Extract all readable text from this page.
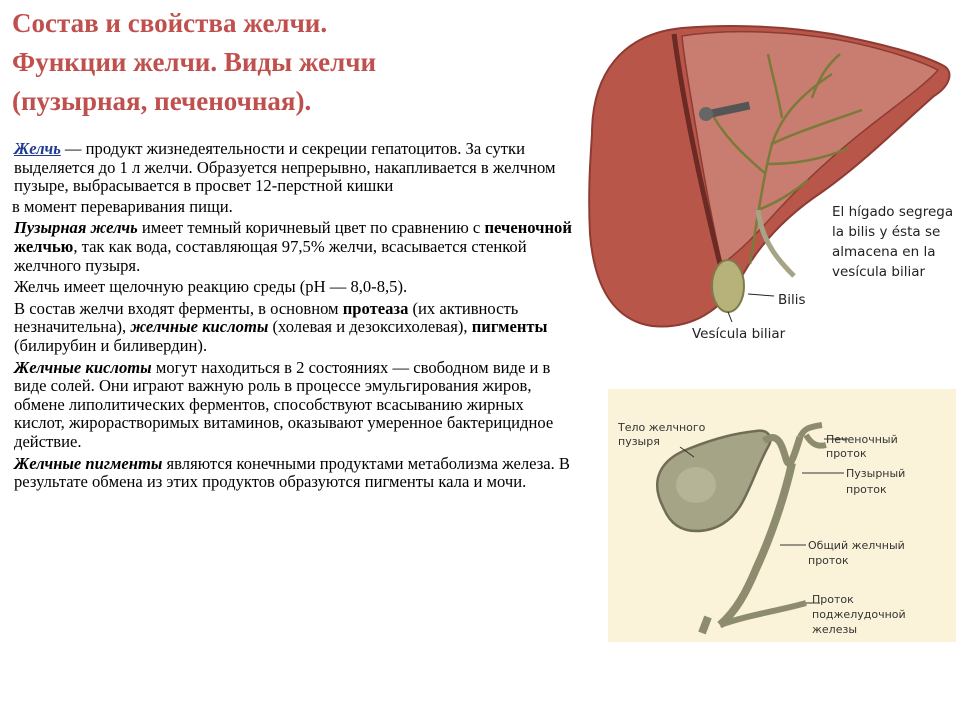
Состав и свойства желчи.
Функции желчи. Виды желчи
(пузырная, печеночная).

Желчь — продукт жизнедеятельности и секреции гепатоцитов. За сутки выделяется до 1 л желчи. Образуется непрерывно, накапливается в желчном пузыре, выбрасывается в просвет 12-перстной кишки

в момент переваривания пищи.

Пузырная желчь имеет темный коричневый цвет по сравнению с печеночной желчью, так как вода, составляющая 97,5% желчи, всасывается стенкой желчного пузыря.

Желчь имеет щелочную реакцию среды (рН — 8,0-8,5).

В состав желчи входят ферменты, в основном протеаза (их активность незначительна), желчные кислоты (холевая и дезоксихолевая), пигменты (билирубин и биливердин).

Желчные кислоты могут находиться в 2 состояниях — свободном виде и в виде солей. Они играют важную роль в процессе эмульгирования жиров, обмене липолитических ферментов, способствуют всасыванию жирных кислот, жирорастворимых витаминов, оказывают умеренное бактерицидное действие.

Желчные пигменты являются конечными продуктами метаболизма железа. В результате обмена из этих продуктов образуются пигменты кала и мочи.

El hígado segrega
la bilis y ésta se
almacena en la
vesícula biliar
Bilis
Vesícula biliar
Тело желчного
пузыря	Печеночный
проток
Пузырный
проток
Общий желчный
проток
Проток
поджелудочной
железы
